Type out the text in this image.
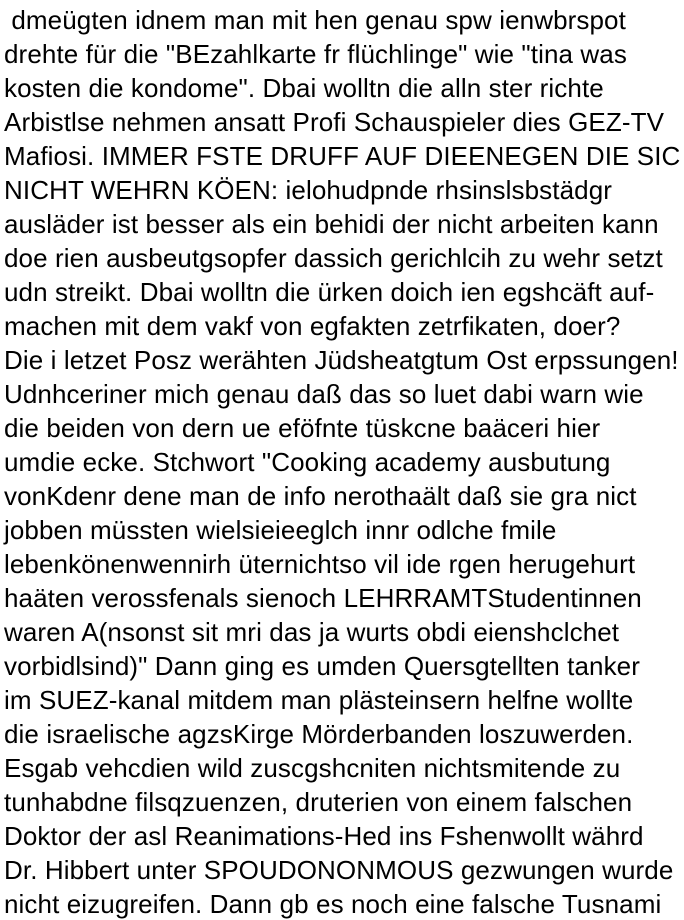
dmeügten idnem man mit hen genau spw ienwbrspot
drehte für die "BEzahlkarte fr flüchlinge" wie "tina was
kosten die kondome". Dbai wolltn die alln ster richte
Arbistlse nehmen ansatt Profi Schauspieler dies GEZ-TV
Mafiosi. IMMER FSTE DRUFF AUF DIEENEGEN DIE SIC
NICHT WEHRN KÖEN: ielohudpnde rhsinslsbstädgr
ausläder ist besser als ein behidi der nicht arbeiten kann
doe rien ausbeutgsopfer dassich gerichlcih zu wehr setzt
udn streikt. Dbai wolltn die ürken doich ien egshcäft auf-
machen mit dem vakf von egfakten zetrfikaten, doer?
Die i letzet Posz werähten Jüdsheatgtum Ost erpssungen!
Udnhceriner mich genau daß das so luet dabi warn wie
die beiden von dern ue eföfnte tüskcne baäceri hier
umdie ecke. Stchwort "Cooking academy ausbutung
vonKdenr dene man de info nerothaält daß sie gra nict
jobben müssten wielsieieeglch innr odlche fmile
lebenkönenwennirh üternichtso vil ide rgen herugehurt
haäten verossfenals sienoch LEHRRAMTStudentinnen
waren A(nsonst sit mri das ja wurts obdi eienshclchet
vorbidlsind)" Dann ging es umden Quersgtellten tanker
im SUEZ-kanal mitdem man plästeinsern helfne wollte
die israelische agzsKirge Mörderbanden loszuwerden.
Esgab vehcdien wild zuscgshcniten nichtsmitende zu
tunhabdne filsqzuenzen, druterien von einem falschen
Doktor der asl Reanimations-Hed ins Fshenwollt währd
Dr. Hibbert unter SPOUDONONMOUS gezwungen wurde
nicht eizugreifen. Dann gb es noch eine falsche Tusnami
